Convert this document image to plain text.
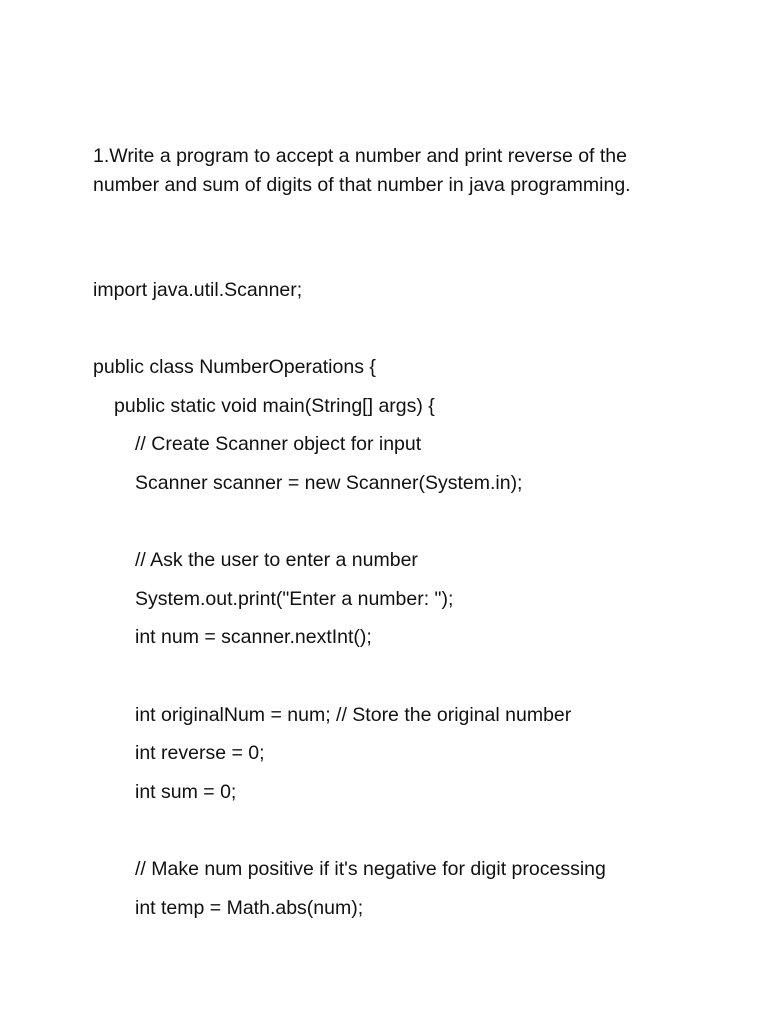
1.Write a program to accept a number and print reverse of the number and sum of digits of that number in java programming.

import java.util.Scanner;
public class NumberOperations {
public static void main(String[] args) {
// Create Scanner object for input
Scanner scanner = new Scanner(System.in);
// Ask the user to enter a number
System.out.print("Enter a number: ");
int num = scanner.nextInt();
int originalNum = num; // Store the original number
int reverse = 0;
int sum = 0;
// Make num positive if it's negative for digit processing
int temp = Math.abs(num);
